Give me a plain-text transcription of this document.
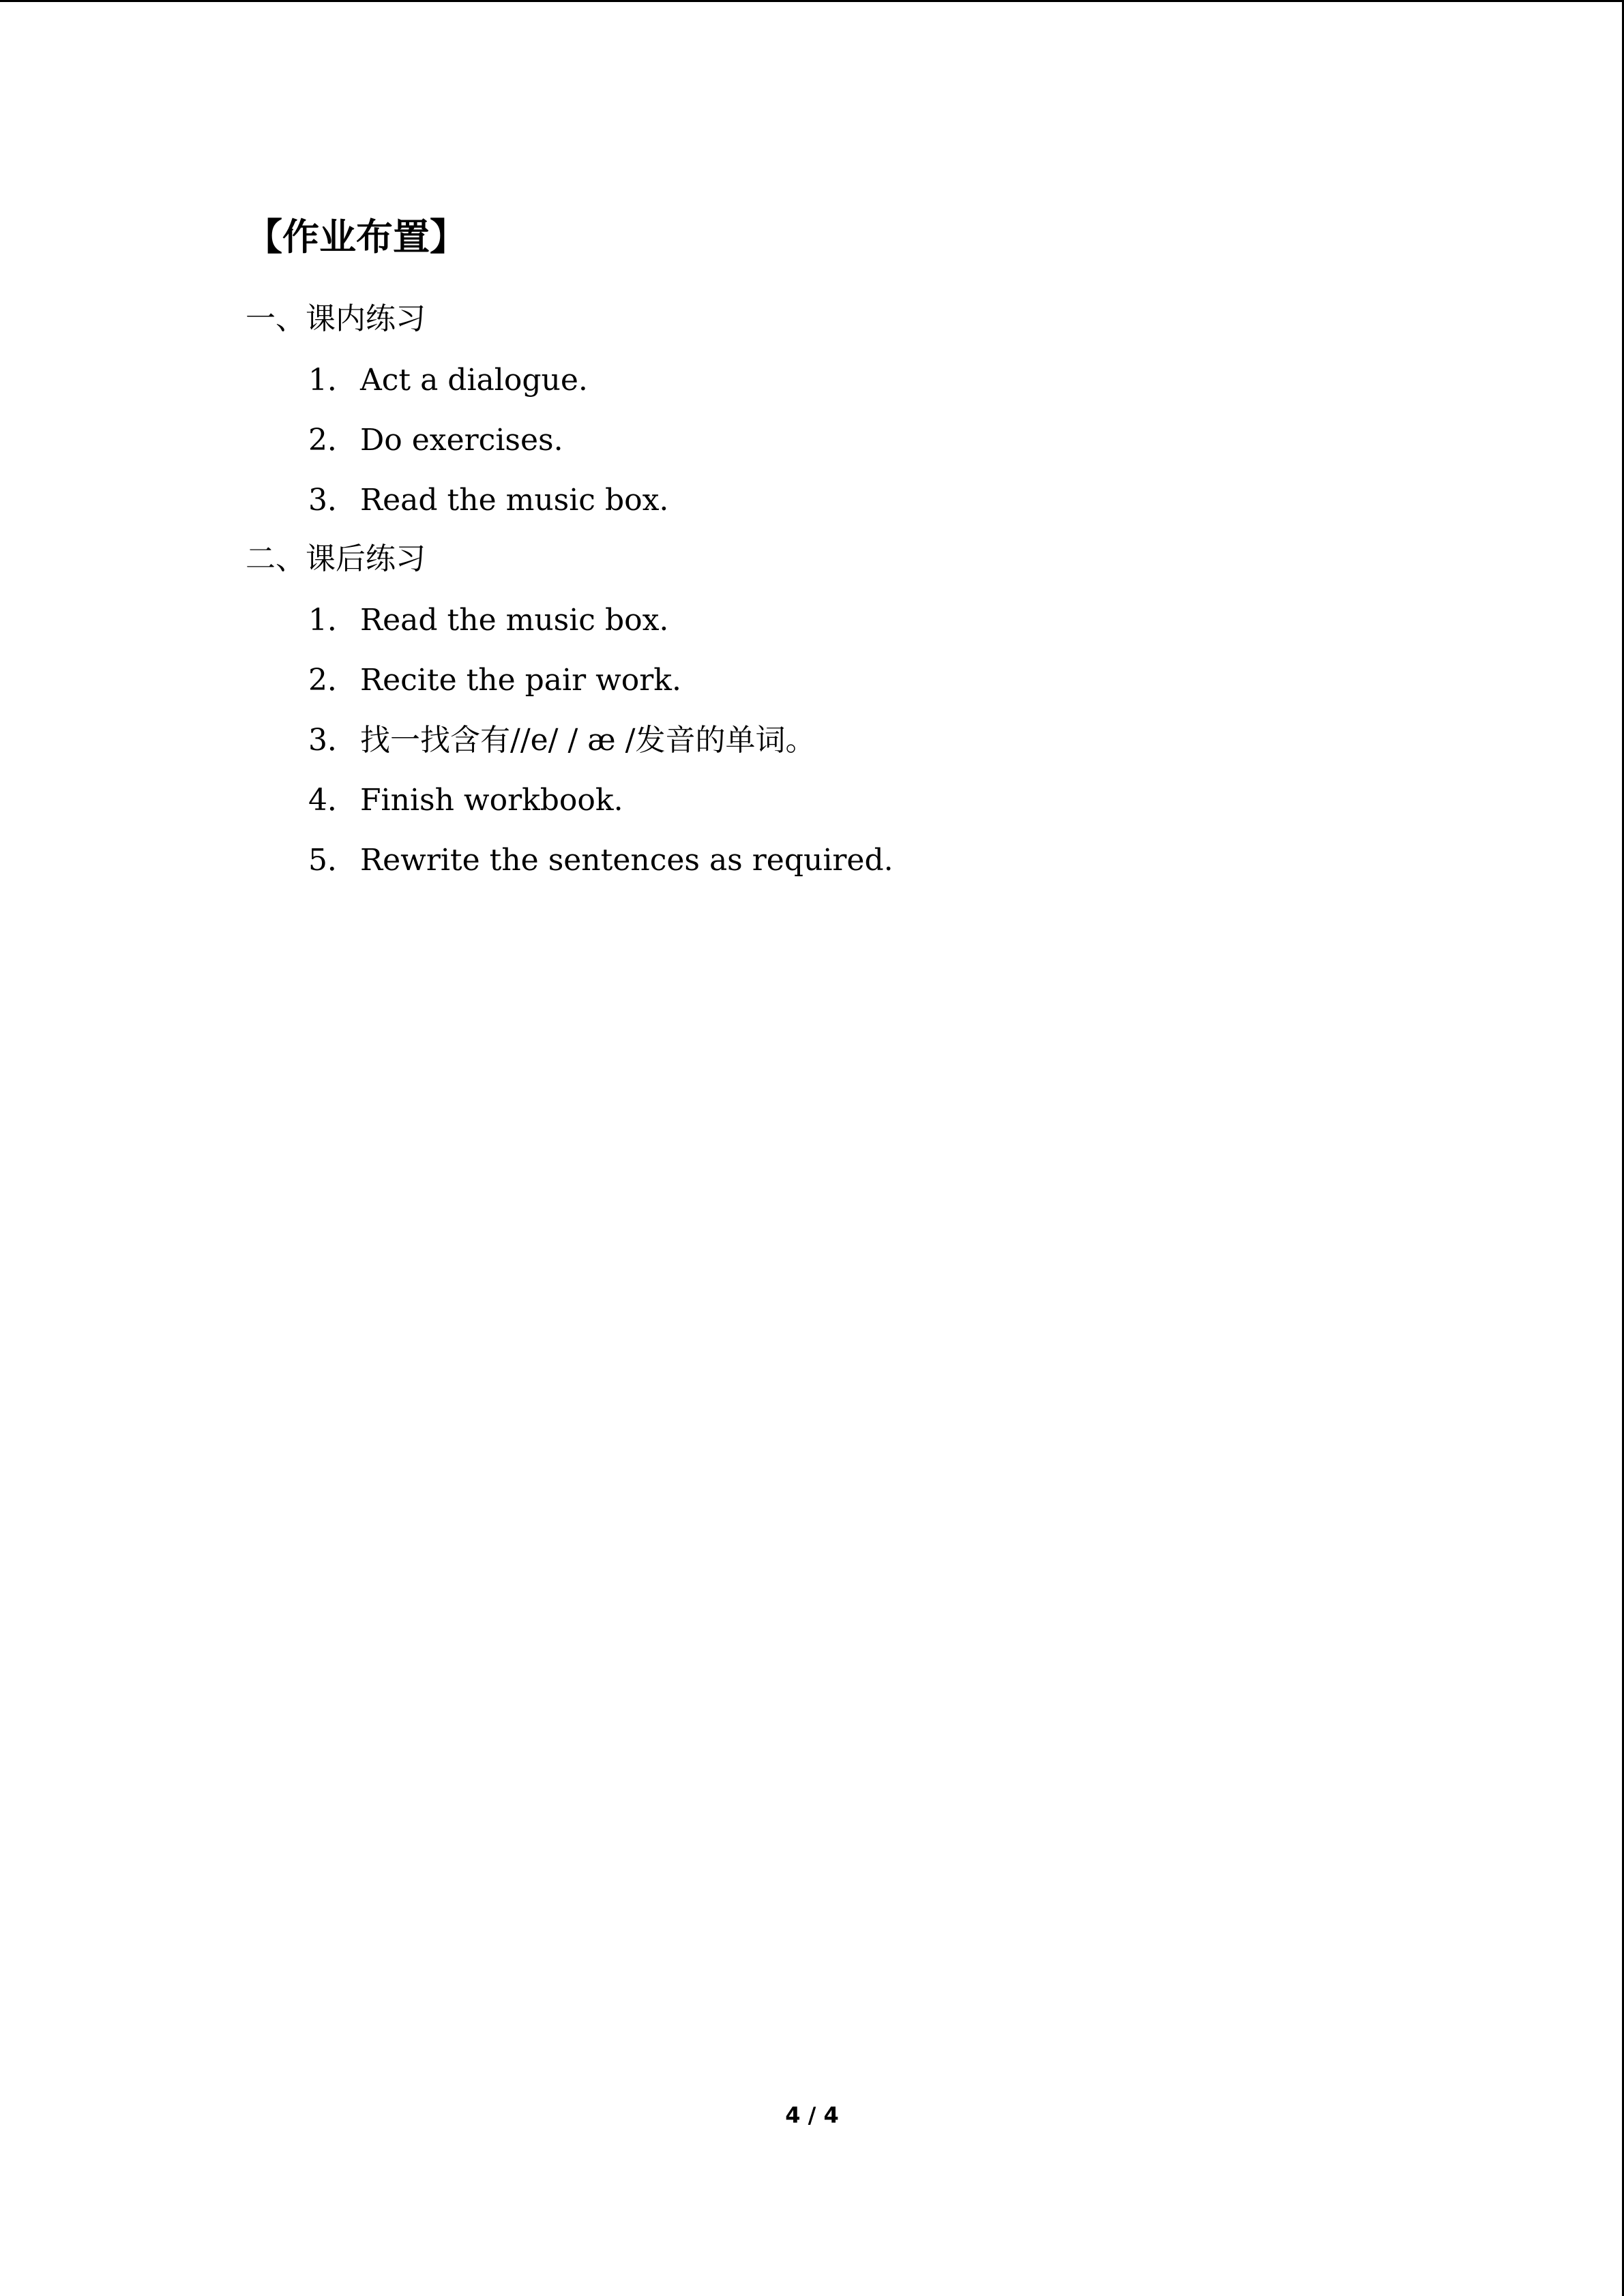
【作业布置】
一、课内练习
1．Act a dialogue.
2．Do exercises.
3．Read the music box.
二、课后练习
1．Read the music box.
2．Recite the pair work.
3．找一找含有//e/ / æ /发音的单词。
4．Finish workbook.
5．Rewrite the sentences as required.
4 / 4
